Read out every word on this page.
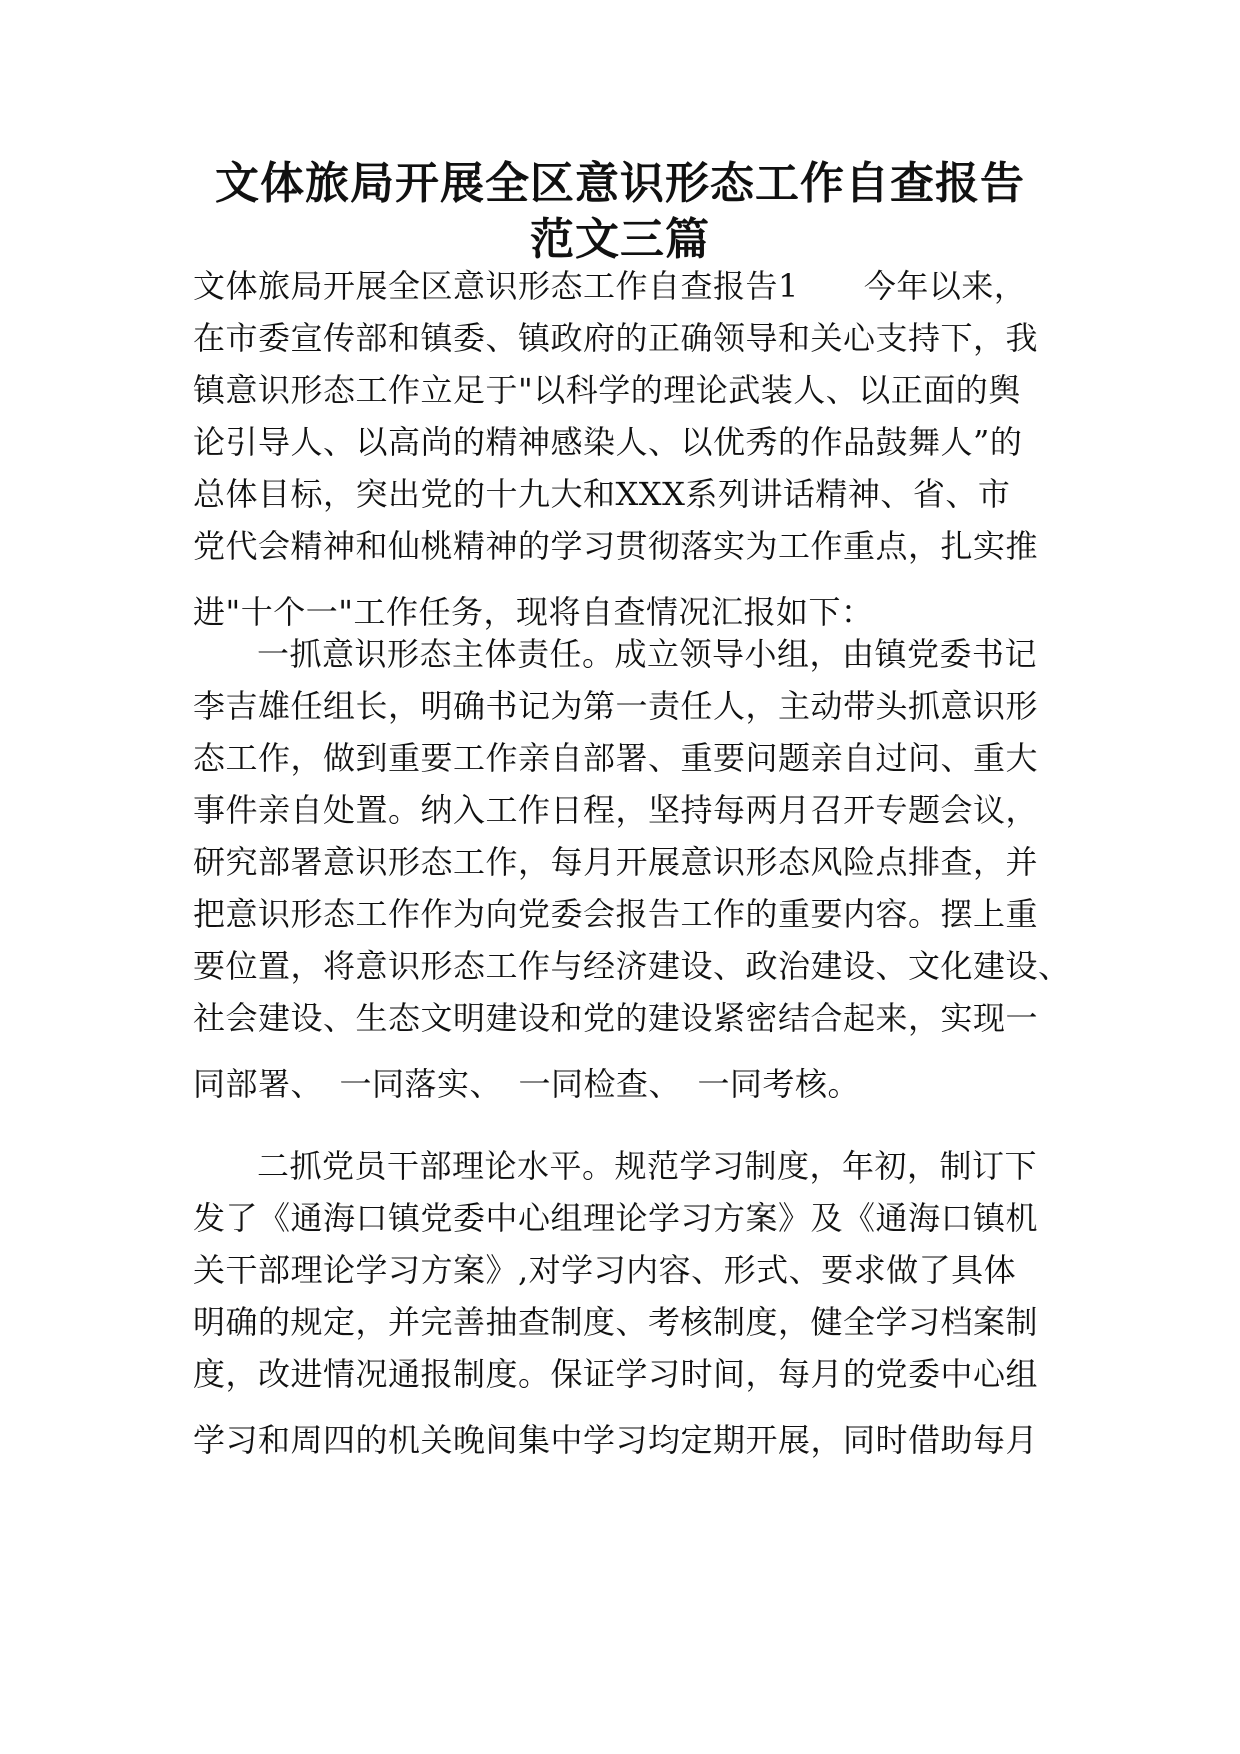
文体旅局开展全区意识形态工作自查报告
范文三篇
文体旅局开展全区意识形态工作自查报告1　　今年以来，
在市委宣传部和镇委、镇政府的正确领导和关心支持下，我
镇意识形态工作立足于"以科学的理论武装人、以正面的舆
论引导人、以高尚的精神感染人、以优秀的作品鼓舞人”的
总体目标，突出党的十九大和XXX系列讲话精神、省、市
党代会精神和仙桃精神的学习贯彻落实为工作重点，扎实推
进"十个一"工作任务，现将自查情况汇报如下：
一抓意识形态主体责任。成立领导小组，由镇党委书记
李吉雄任组长，明确书记为第一责任人，主动带头抓意识形
态工作，做到重要工作亲自部署、重要问题亲自过问、重大
事件亲自处置。纳入工作日程，坚持每两月召开专题会议，
研究部署意识形态工作，每月开展意识形态风险点排查，并
把意识形态工作作为向党委会报告工作的重要内容。摆上重
要位置，将意识形态工作与经济建设、政治建设、文化建设、
社会建设、生态文明建设和党的建设紧密结合起来，实现一
同部署、　一同落实、　一同检查、　一同考核。
二抓党员干部理论水平。规范学习制度，年初，制订下
发了《通海口镇党委中心组理论学习方案》及《通海口镇机
关干部理论学习方案》,对学习内容、形式、要求做了具体
明确的规定，并完善抽查制度、考核制度，健全学习档案制
度，改进情况通报制度。保证学习时间，每月的党委中心组
学习和周四的机关晚间集中学习均定期开展，同时借助每月
